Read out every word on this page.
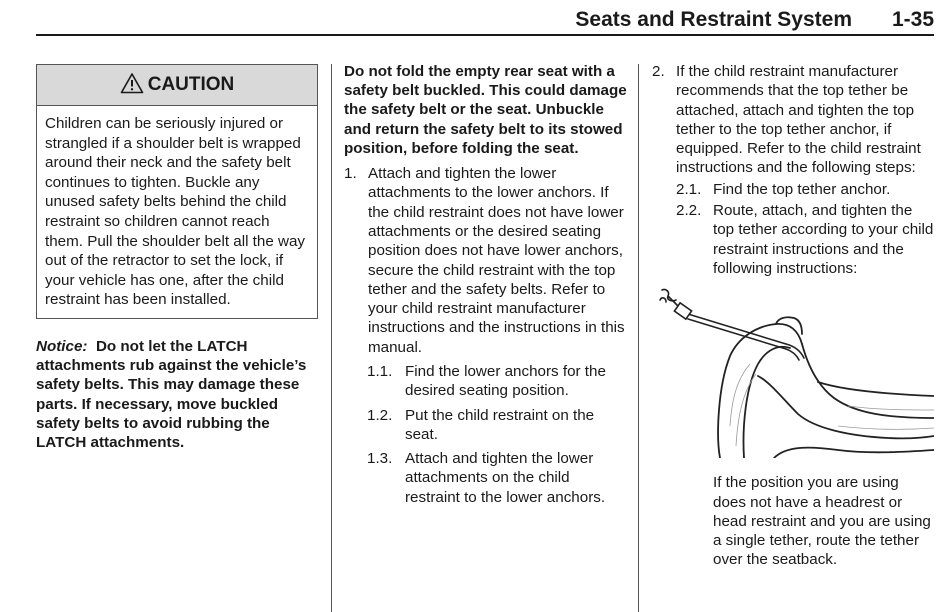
Seats and Restraint System 1-35
CAUTION
Children can be seriously injured or strangled if a shoulder belt is wrapped around their neck and the safety belt continues to tighten. Buckle any unused safety belts behind the child restraint so children cannot reach them. Pull the shoulder belt all the way out of the retractor to set the lock, if your vehicle has one, after the child restraint has been installed.
Notice: Do not let the LATCH attachments rub against the vehicle’s safety belts. This may damage these parts. If necessary, move buckled safety belts to avoid rubbing the LATCH attachments.

Do not fold the empty rear seat with a safety belt buckled. This could damage the safety belt or the seat. Unbuckle and return the safety belt to its stowed position, before folding the seat.

1. Attach and tighten the lower attachments to the lower anchors. If the child restraint does not have lower attachments or the desired seating position does not have lower anchors, secure the child restraint with the top tether and the safety belts. Refer to your child restraint manufacturer instructions and the instructions in this manual.
1.1. Find the lower anchors for the desired seating position.
1.2. Put the child restraint on the seat.
1.3. Attach and tighten the lower attachments on the child restraint to the lower anchors.
2. If the child restraint manufacturer recommends that the top tether be attached, attach and tighten the top tether to the top tether anchor, if equipped. Refer to the child restraint instructions and the following steps:
2.1. Find the top tether anchor.
2.2. Route, attach, and tighten the top tether according to your child restraint instructions and the following instructions:
If the position you are using does not have a headrest or head restraint and you are using a single tether, route the tether over the seatback.
